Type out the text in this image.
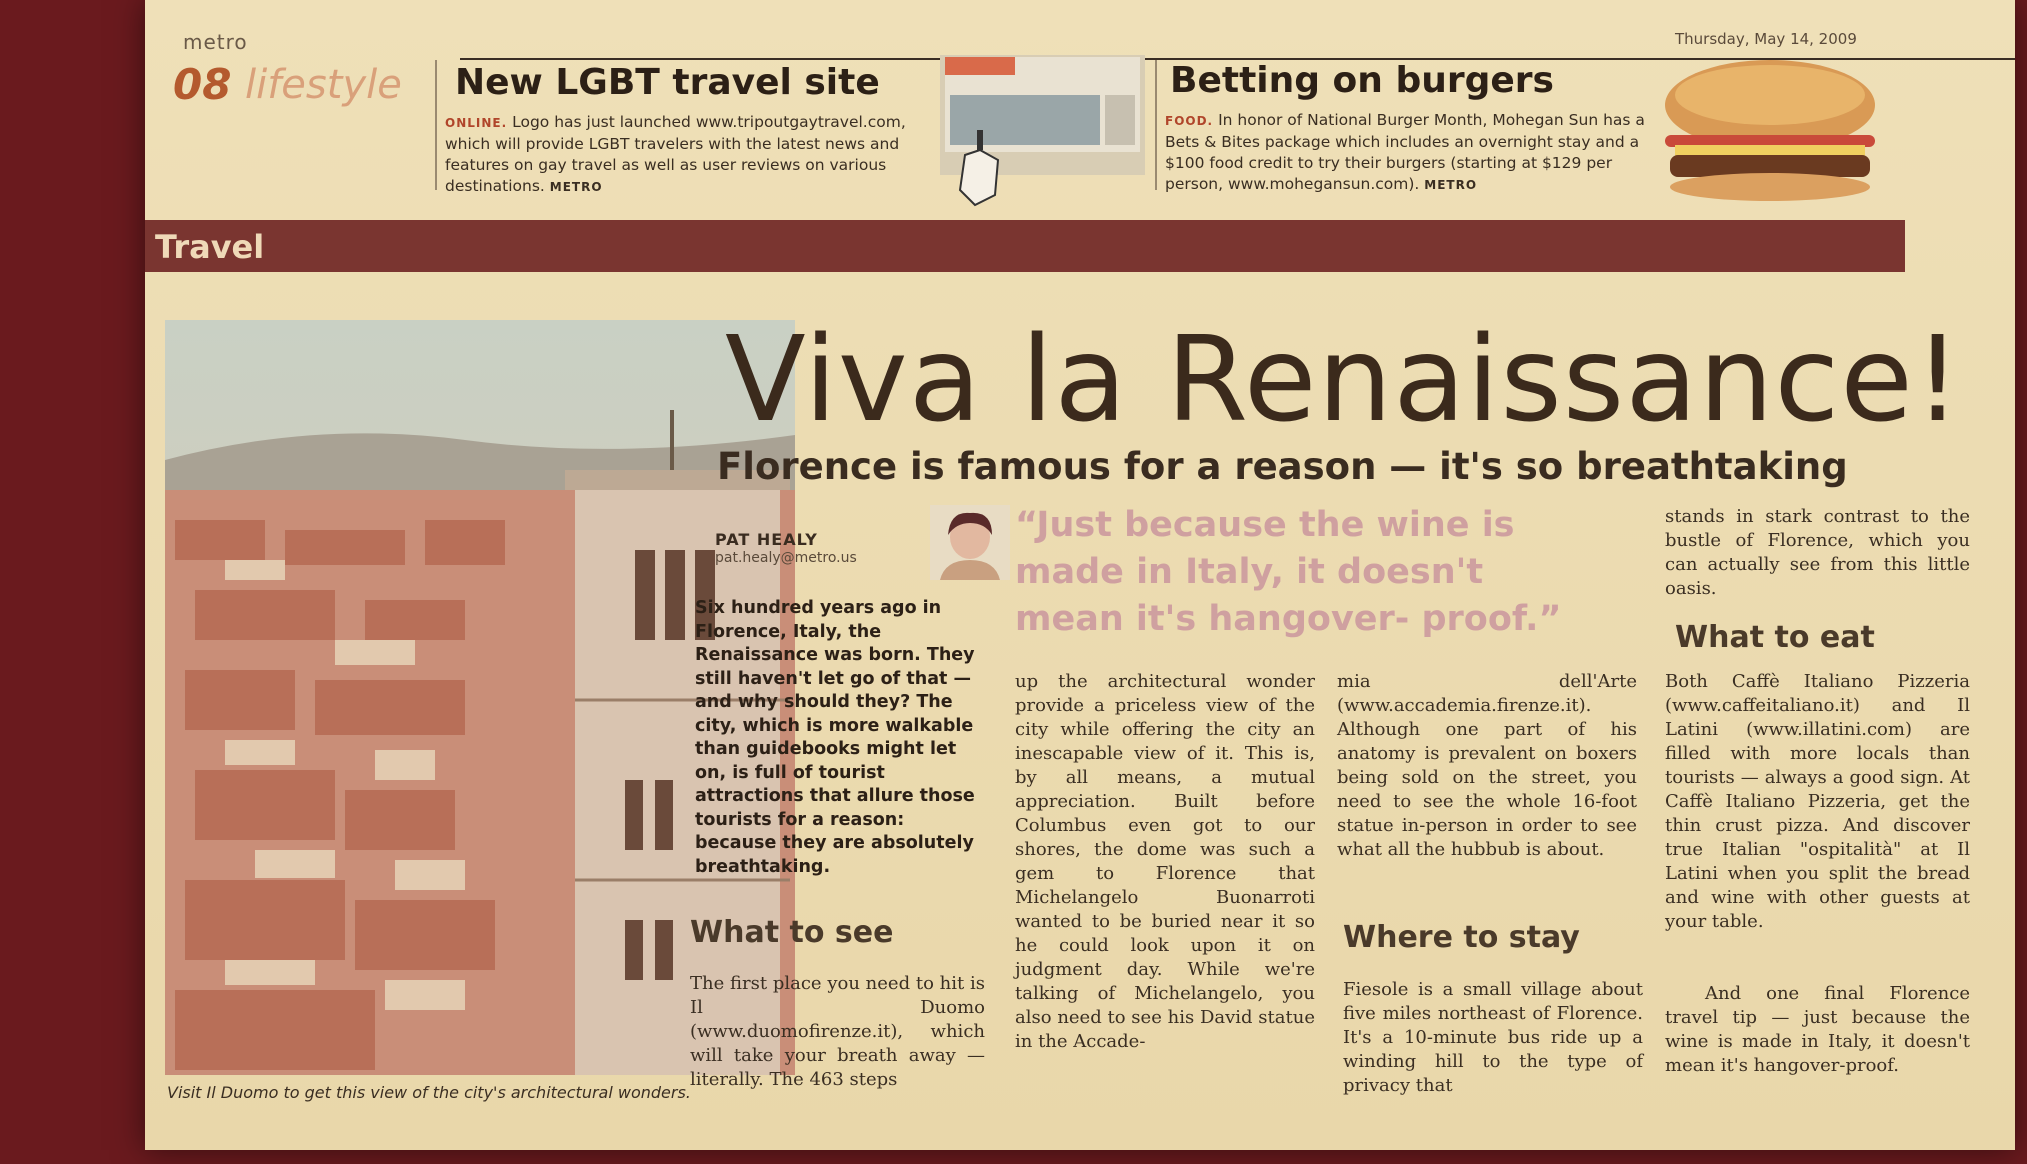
metro
08 lifestyle
Thursday, May 14, 2009
New LGBT travel site
ONLINE. Logo has just launched www.tripoutgaytravel.com, which will provide LGBT travelers with the latest news and features on gay travel as well as user reviews on various destinations. METRO
Betting on burgers
FOOD. In honor of National Burger Month, Mohegan Sun has a Bets & Bites package which includes an overnight stay and a $100 food credit to try their burgers (starting at $129 per person, www.mohegansun.com). METRO
Travel
Visit Il Duomo to get this view of the city's architectural wonders.
Viva la Renaissance!
Florence is famous for a reason — it's so breathtaking
PAT HEALY
pat.healy@metro.us
“Just because the wine is made in Italy, it doesn't mean it's hangover- proof.”
Six hundred years ago in Florence, Italy, the Renaissance was born. They still haven't let go of that — and why should they? The city, which is more walkable than guidebooks might let on, is full of tourist attractions that allure those tourists for a reason: because they are absolutely breathtaking.
What to see
The first place you need to hit is Il Duomo (www.duomofirenze.it), which will take your breath away — literally. The 463 steps
up the architectural wonder provide a priceless view of the city while offering the city an inescapable view of it. This is, by all means, a mutual appreciation. Built before Columbus even got to our shores, the dome was such a gem to Florence that Michelangelo Buonarroti wanted to be buried near it so he could look upon it on judgment day. While we're talking of Michelangelo, you also need to see his David statue in the Accade-
mia dell'Arte (www.accademia.firenze.it). Although one part of his anatomy is prevalent on boxers being sold on the street, you need to see the whole 16-foot statue in-person in order to see what all the hubbub is about.
Where to stay
Fiesole is a small village about five miles northeast of Florence. It's a 10-minute bus ride up a winding hill to the type of privacy that
stands in stark contrast to the bustle of Florence, which you can actually see from this little oasis.
What to eat
Both Caffè Italiano Pizzeria (www.caffeitaliano.it) and Il Latini (www.illatini.com) are filled with more locals than tourists — always a good sign. At Caffè Italiano Pizzeria, get the thin crust pizza. And discover true Italian "ospitalità" at Il Latini when you split the bread and wine with other guests at your table.
And one final Florence travel tip — just because the wine is made in Italy, it doesn't mean it's hangover-proof.
